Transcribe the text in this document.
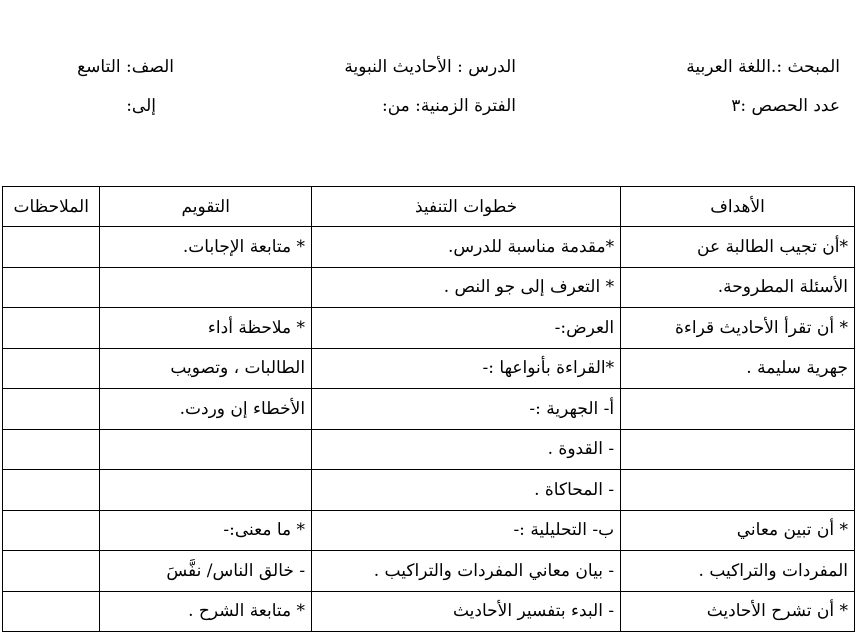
المبحث :.اللغة العربية
الدرس : الأحاديث النبوية
الصف: التاسع
عدد الحصص :٣
الفترة الزمنية: من:
إلى:
الأهداف	خطوات التنفيذ	التقويم	الملاحظات
*أن تجيب الطالبة عن	*مقدمة مناسبة للدرس.	* متابعة الإجابات.	
الأسئلة المطروحة.	* التعرف إلى جو النص .		
* أن تقرأ الأحاديث قراءة	العرض:-	* ملاحظة أداء	
جهرية سليمة .	*القراءة بأنواعها :-	الطالبات ، وتصويب	
	أ- الجهرية :-	الأخطاء إن وردت.	
	- القدوة .		
	- المحاكاة .		
* أن تبين معاني	ب- التحليلية :-	* ما معنى:-	
المفردات والتراكيب .	- بيان معاني المفردات والتراكيب .	- خالق الناس/ نفَّسَ	
* أن تشرح الأحاديث	- البدء بتفسير الأحاديث	* متابعة الشرح .	
